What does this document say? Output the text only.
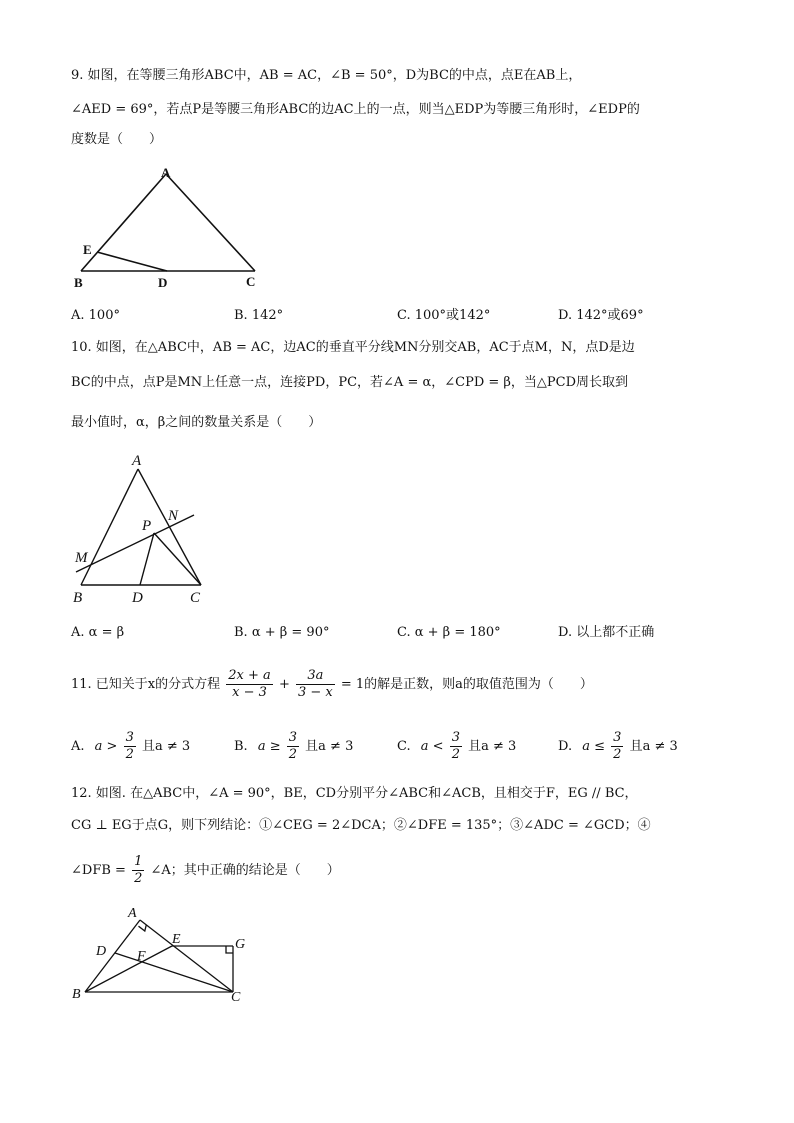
9. 如图，在等腰三角形ABC中，AB = AC，∠B = 50°，D为BC的中点，点E在AB上，
∠AED = 69°，若点P是等腰三角形ABC的边AC上的一点，则当△EDP为等腰三角形时，∠EDP的
度数是（　　）
A
E
B	D	C
A. 100°	B. 142°	C. 100°或142°	D. 142°或69°
10. 如图，在△ABC中，AB = AC，边AC的垂直平分线MN分别交AB，AC于点M，N，点D是边
BC的中点，点P是MN上任意一点，连接PD，PC，若∠A = α，∠CPD = β，当△PCD周长取到
最小值时，α，β之间的数量关系是（　　）
A
N
P
M
B	D	C
A. α = β	B. α + β = 90°	C. α + β = 180°	D. 以上都不正确
11. 已知关于x的分式方程 $\frac{2x + a}{x - 3} + \frac{3a}{3 - x} = 1$的解是正数，则a的取值范围为（　　）
A. $a > \frac{3}{2}$ 且a ≠ 3	B. $a \ge \frac{3}{2}$ 且a ≠ 3	C. $a < \frac{3}{2}$ 且a ≠ 3	D. $a \le \frac{3}{2}$ 且a ≠ 3
12. 如图. 在△ABC中，∠A = 90°，BE，CD分别平分∠ABC和∠ACB，且相交于F，EG // BC，
CG ⊥ EG于点G，则下列结论：①∠CEG = 2∠DCA；②∠DFE = 135°；③∠ADC = ∠GCD；④
∠DFB = $\frac{1}{2}$ ∠A；其中正确的结论是（　　）
A
E	G
D F
B	C
